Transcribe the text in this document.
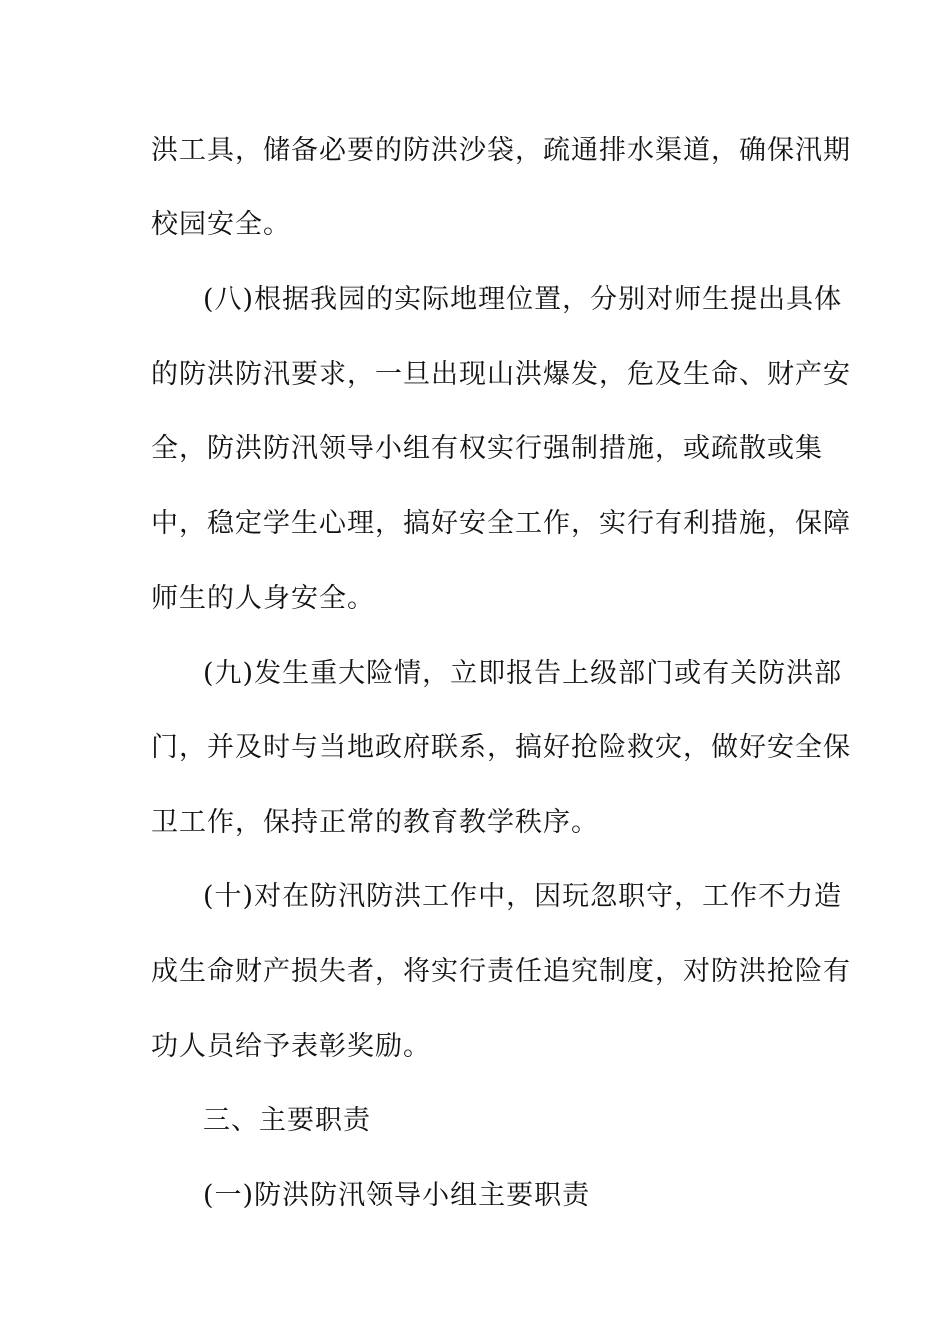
洪工具，储备必要的防洪沙袋，疏通排水渠道，确保汛期
校园安全。
(八)根据我园的实际地理位置，分别对师生提出具体
的防洪防汛要求，一旦出现山洪爆发，危及生命、财产安
全，防洪防汛领导小组有权实行强制措施，或疏散或集
中，稳定学生心理，搞好安全工作，实行有利措施，保障
师生的人身安全。
(九)发生重大险情，立即报告上级部门或有关防洪部
门，并及时与当地政府联系，搞好抢险救灾，做好安全保
卫工作，保持正常的教育教学秩序。
(十)对在防汛防洪工作中，因玩忽职守，工作不力造
成生命财产损失者，将实行责任追究制度，对防洪抢险有
功人员给予表彰奖励。
三、主要职责
(一)防洪防汛领导小组主要职责
